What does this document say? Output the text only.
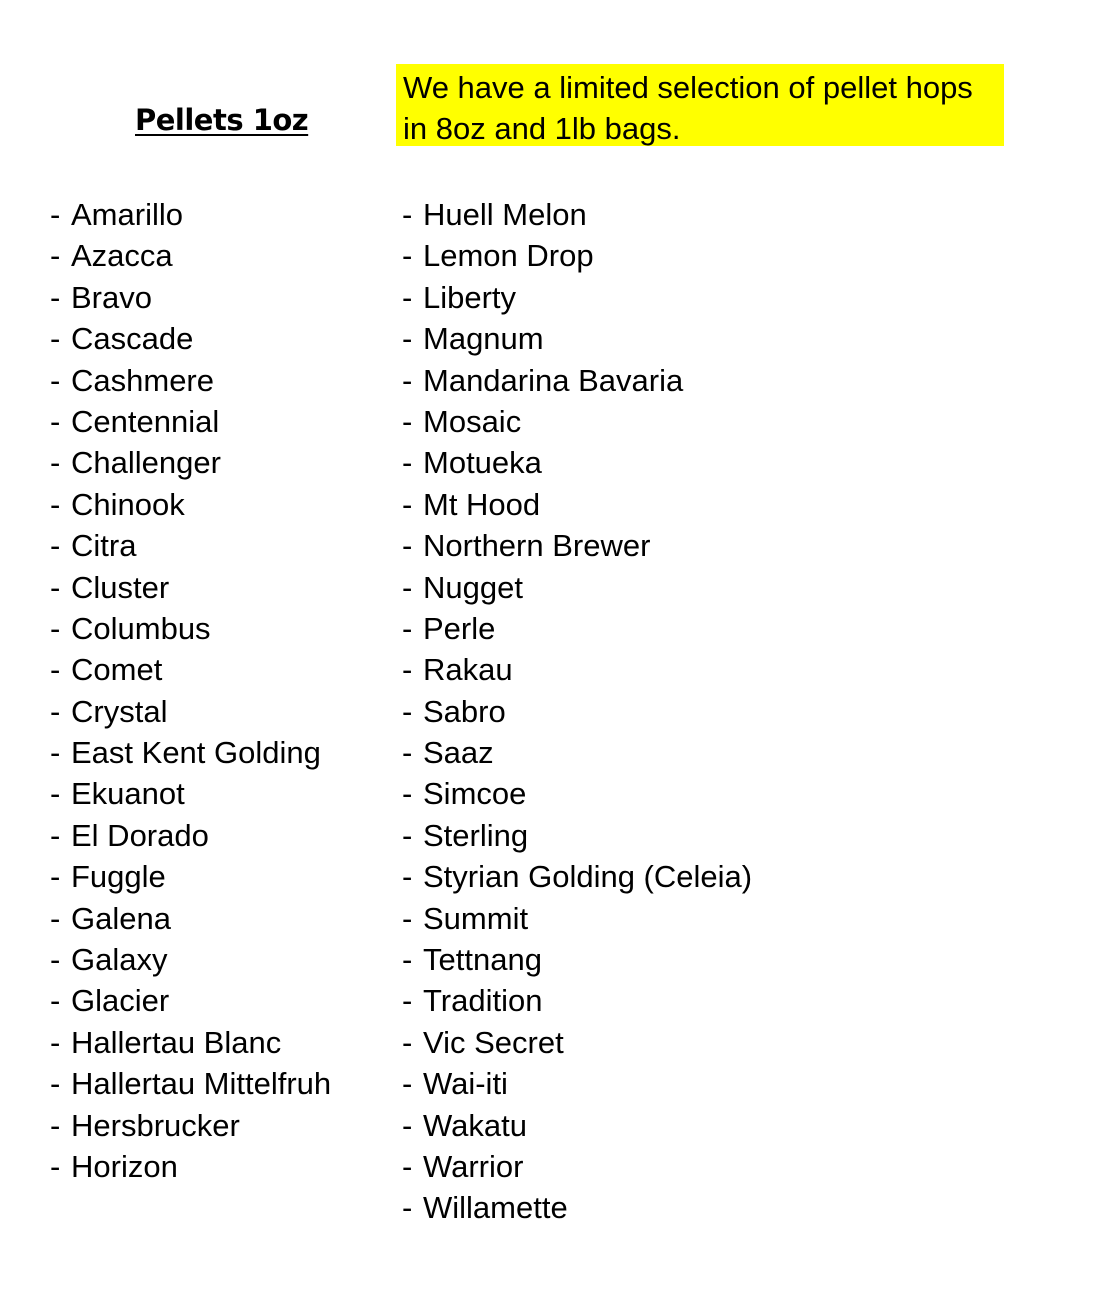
Pellets 1oz
We have a limited selection of pellet hops in 8oz and 1lb bags.
- Amarillo
- Azacca
- Bravo
- Cascade
- Cashmere
- Centennial
- Challenger
- Chinook
- Citra
- Cluster
- Columbus
- Comet
- Crystal
- East Kent Golding
- Ekuanot
- El Dorado
- Fuggle
- Galena
- Galaxy
- Glacier
- Hallertau Blanc
- Hallertau Mittelfruh
- Hersbrucker
- Horizon
- Huell Melon
- Lemon Drop
- Liberty
- Magnum
- Mandarina Bavaria
- Mosaic
- Motueka
- Mt Hood
- Northern Brewer
- Nugget
- Perle
- Rakau
- Sabro
- Saaz
- Simcoe
- Sterling
- Styrian Golding (Celeia)
- Summit
- Tettnang
- Tradition
- Vic Secret
- Wai-iti
- Wakatu
- Warrior
- Willamette
